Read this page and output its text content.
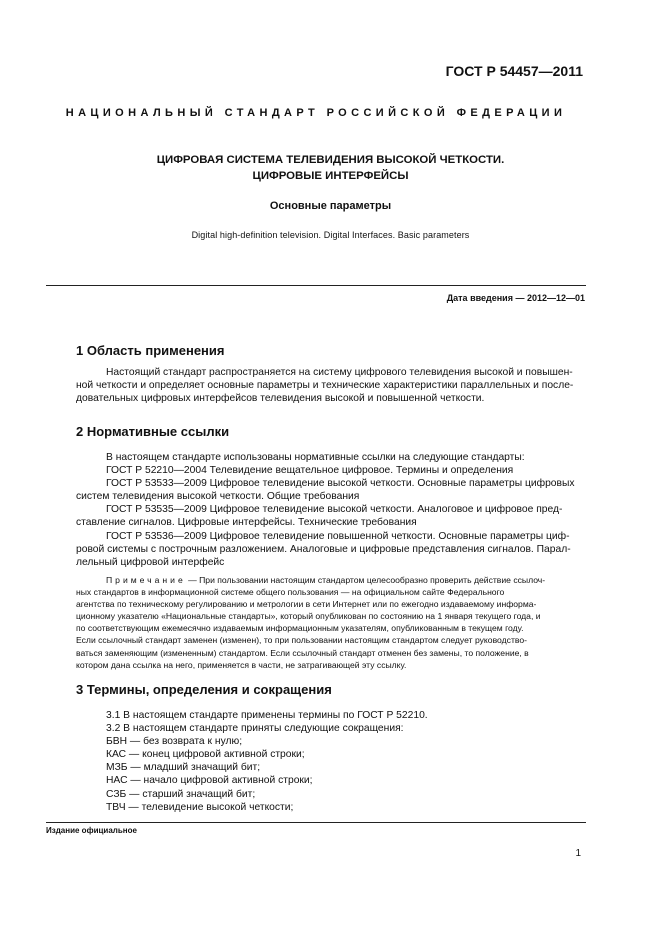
ГОСТ Р 54457—2011
НАЦИОНАЛЬНЫЙ СТАНДАРТ РОССИЙСКОЙ ФЕДЕРАЦИИ
ЦИФРОВАЯ СИСТЕМА ТЕЛЕВИДЕНИЯ ВЫСОКОЙ ЧЕТКОСТИ.
ЦИФРОВЫЕ ИНТЕРФЕЙСЫ
Основные параметры
Digital high-definition television. Digital Interfaces. Basic parameters
Дата введения — 2012—12—01
1 Область применения
Настоящий стандарт распространяется на систему цифрового телевидения высокой и повышен-
ной четкости и определяет основные параметры и технические характеристики параллельных и после-
довательных цифровых интерфейсов телевидения высокой и повышенной четкости.
2 Нормативные ссылки
В настоящем стандарте использованы нормативные ссылки на следующие стандарты:
ГОСТ Р 52210—2004 Телевидение вещательное цифровое. Термины и определения
ГОСТ Р 53533—2009 Цифровое телевидение высокой четкости. Основные параметры цифровых
систем телевидения высокой четкости. Общие требования
ГОСТ Р 53535—2009 Цифровое телевидение высокой четкости. Аналоговое и цифровое пред-
ставление сигналов. Цифровые интерфейсы. Технические требования
ГОСТ Р 53536—2009 Цифровое телевидение повышенной четкости. Основные параметры циф-
ровой системы с построчным разложением. Аналоговые и цифровые представления сигналов. Парал-
лельный цифровой интерфейс
Примечание — При пользовании настоящим стандартом целесообразно проверить действие ссылоч-
ных стандартов в информационной системе общего пользования — на официальном сайте Федерального
агентства по техническому регулированию и метрологии в сети Интернет или по ежегодно издаваемому информа-
ционному указателю «Национальные стандарты», который опубликован по состоянию на 1 января текущего года, и
по соответствующим ежемесячно издаваемым информационным указателям, опубликованным в текущем году.
Если ссылочный стандарт заменен (изменен), то при пользовании настоящим стандартом следует руководство-
ваться заменяющим (измененным) стандартом. Если ссылочный стандарт отменен без замены, то положение, в
котором дана ссылка на него, применяется в части, не затрагивающей эту ссылку.
3 Термины, определения и сокращения
3.1 В настоящем стандарте применены термины по ГОСТ Р 52210.
3.2 В настоящем стандарте приняты следующие сокращения:
БВН — без возврата к нулю;
КАС — конец цифровой активной строки;
МЗБ — младший значащий бит;
НАС — начало цифровой активной строки;
СЗБ — старший значащий бит;
ТВЧ — телевидение высокой четкости;
Издание официальное
1
